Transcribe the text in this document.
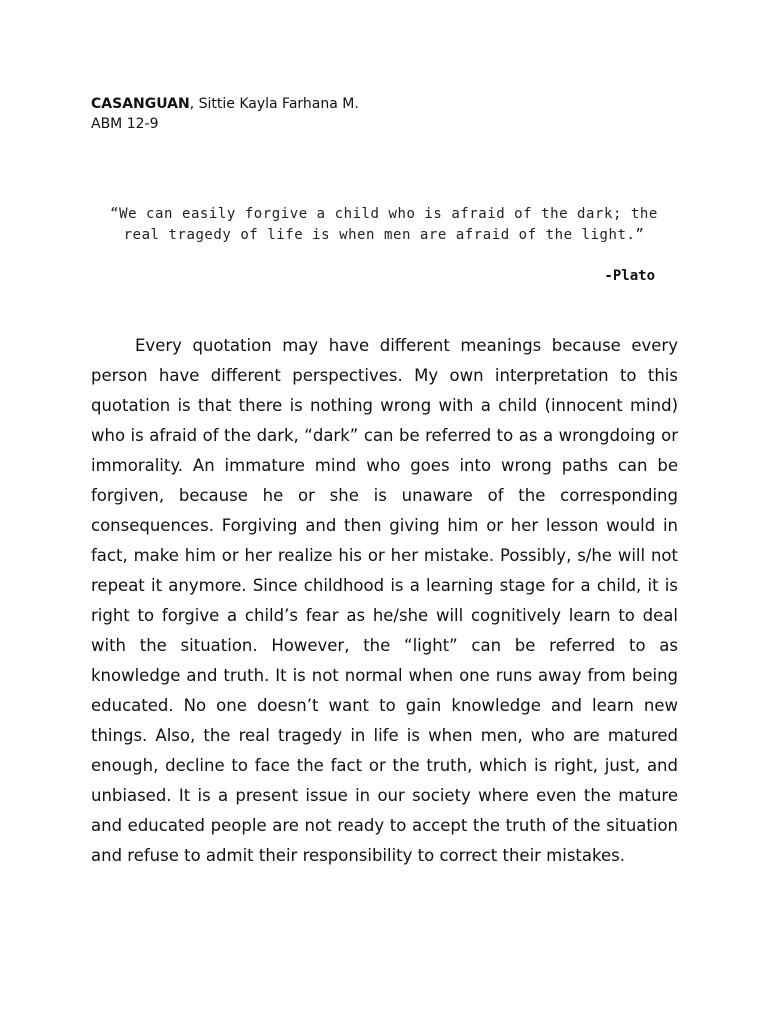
CASANGUAN, Sittie Kayla Farhana M.
ABM 12-9
“We can easily forgive a child who is afraid of the dark; the real tragedy of life is when men are afraid of the light.”
-Plato

Every quotation may have different meanings because every person have different perspectives. My own interpretation to this quotation is that there is nothing wrong with a child (innocent mind) who is afraid of the dark, “dark” can be referred to as a wrongdoing or immorality. An immature mind who goes into wrong paths can be forgiven, because he or she is unaware of the corresponding consequences. Forgiving and then giving him or her lesson would in fact, make him or her realize his or her mistake. Possibly, s/he will not repeat it anymore. Since childhood is a learning stage for a child, it is right to forgive a child’s fear as he/she will cognitively learn to deal with the situation. However, the “light” can be referred to as knowledge and truth. It is not normal when one runs away from being educated. No one doesn’t want to gain knowledge and learn new things. Also, the real tragedy in life is when men, who are matured enough, decline to face the fact or the truth, which is right, just, and unbiased. It is a present issue in our society where even the mature and educated people are not ready to accept the truth of the situation and refuse to admit their responsibility to correct their mistakes.
